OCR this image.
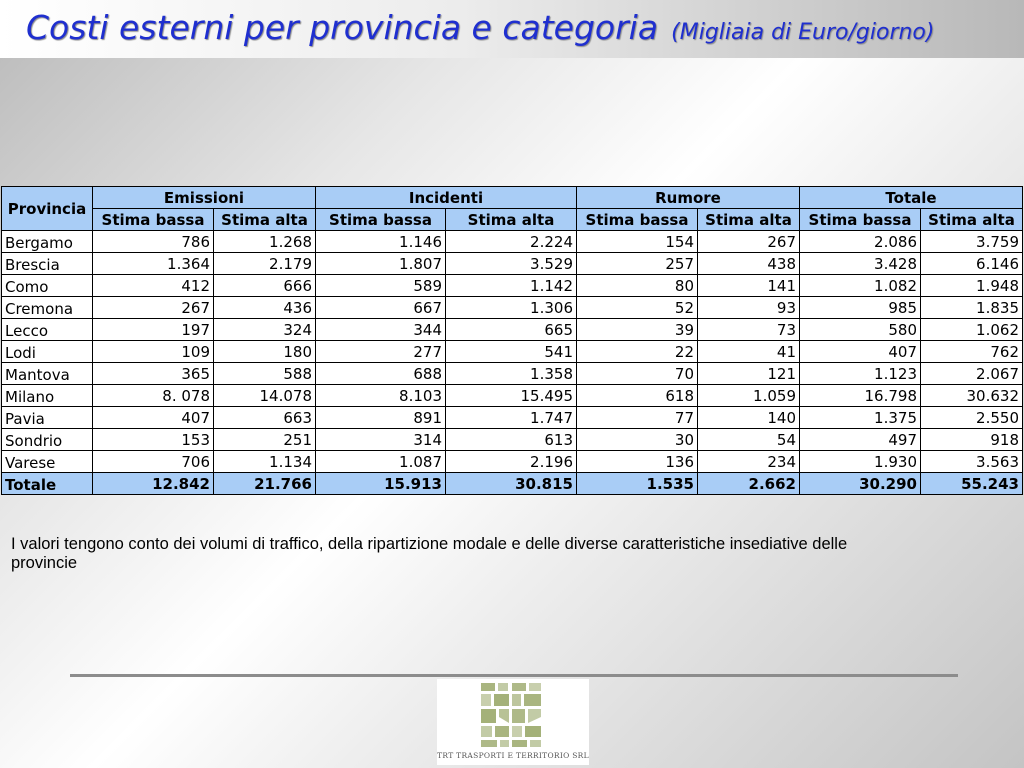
Costi esterni per provincia e categoria (Migliaia di Euro/giorno)
Provincia	Emissioni		Incidenti		Rumore		Totale	
	Stima bassa	Stima alta	Stima bassa	Stima alta	Stima bassa	Stima alta	Stima bassa	Stima alta
Bergamo	786	1.268	1.146	2.224	154	267	2.086	3.759
Brescia	1.364	2.179	1.807	3.529	257	438	3.428	6.146
Como	412	666	589	1.142	80	141	1.082	1.948
Cremona	267	436	667	1.306	52	93	985	1.835
Lecco	197	324	344	665	39	73	580	1.062
Lodi	109	180	277	541	22	41	407	762
Mantova	365	588	688	1.358	70	121	1.123	2.067
Milano	8. 078	14.078	8.103	15.495	618	1.059	16.798	30.632
Pavia	407	663	891	1.747	77	140	1.375	2.550
Sondrio	153	251	314	613	30	54	497	918
Varese	706	1.134	1.087	2.196	136	234	1.930	3.563
Totale	12.842	21.766	15.913	30.815	1.535	2.662	30.290	55.243
I valori tengono conto dei volumi di traffico, della ripartizione modale e delle diverse caratteristiche insediative delle provincie
TRT TRASPORTI E TERRITORIO SRL
